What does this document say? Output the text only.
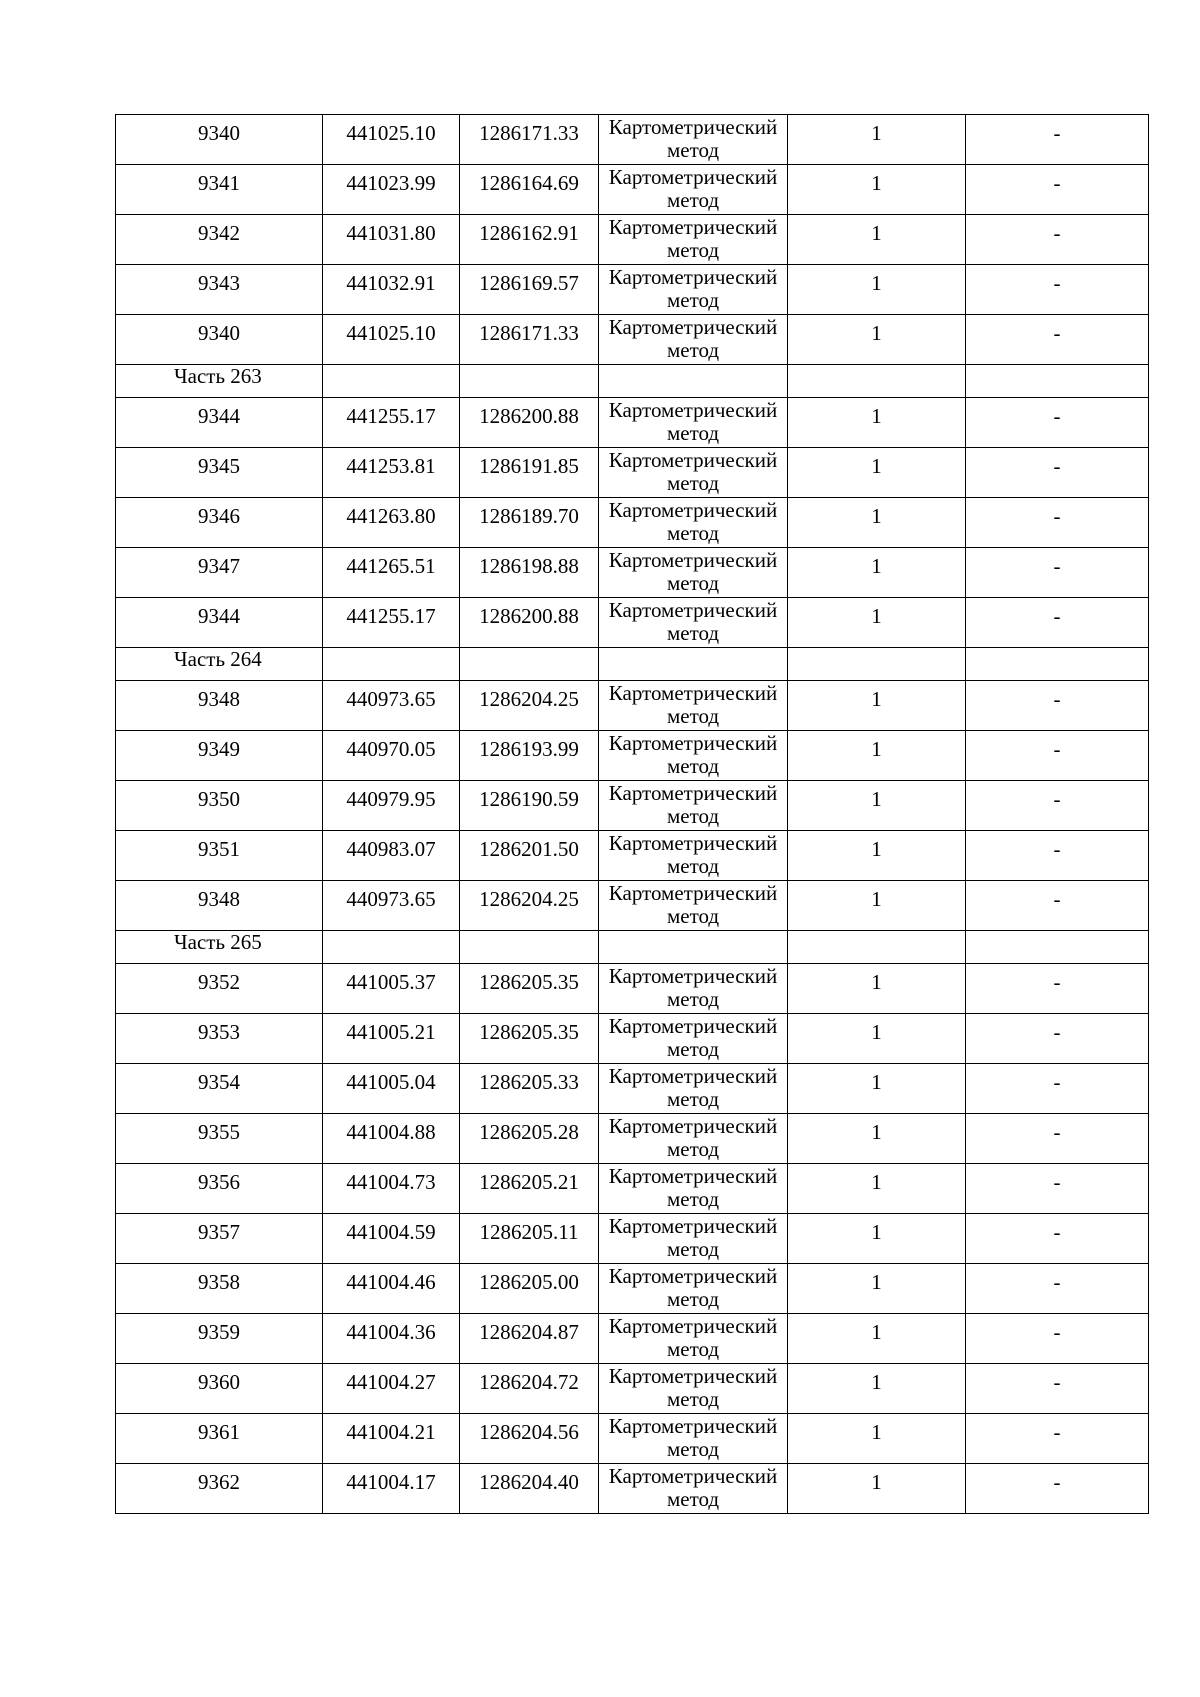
9340	441025.10	1286171.33	Картометрический метод	1	-
9341	441023.99	1286164.69	Картометрический метод	1	-
9342	441031.80	1286162.91	Картометрический метод	1	-
9343	441032.91	1286169.57	Картометрический метод	1	-
9340	441025.10	1286171.33	Картометрический метод	1	-
Часть 263					
9344	441255.17	1286200.88	Картометрический метод	1	-
9345	441253.81	1286191.85	Картометрический метод	1	-
9346	441263.80	1286189.70	Картометрический метод	1	-
9347	441265.51	1286198.88	Картометрический метод	1	-
9344	441255.17	1286200.88	Картометрический метод	1	-
Часть 264					
9348	440973.65	1286204.25	Картометрический метод	1	-
9349	440970.05	1286193.99	Картометрический метод	1	-
9350	440979.95	1286190.59	Картометрический метод	1	-
9351	440983.07	1286201.50	Картометрический метод	1	-
9348	440973.65	1286204.25	Картометрический метод	1	-
Часть 265					
9352	441005.37	1286205.35	Картометрический метод	1	-
9353	441005.21	1286205.35	Картометрический метод	1	-
9354	441005.04	1286205.33	Картометрический метод	1	-
9355	441004.88	1286205.28	Картометрический метод	1	-
9356	441004.73	1286205.21	Картометрический метод	1	-
9357	441004.59	1286205.11	Картометрический метод	1	-
9358	441004.46	1286205.00	Картометрический метод	1	-
9359	441004.36	1286204.87	Картометрический метод	1	-
9360	441004.27	1286204.72	Картометрический метод	1	-
9361	441004.21	1286204.56	Картометрический метод	1	-
9362	441004.17	1286204.40	Картометрический метод	1	-
